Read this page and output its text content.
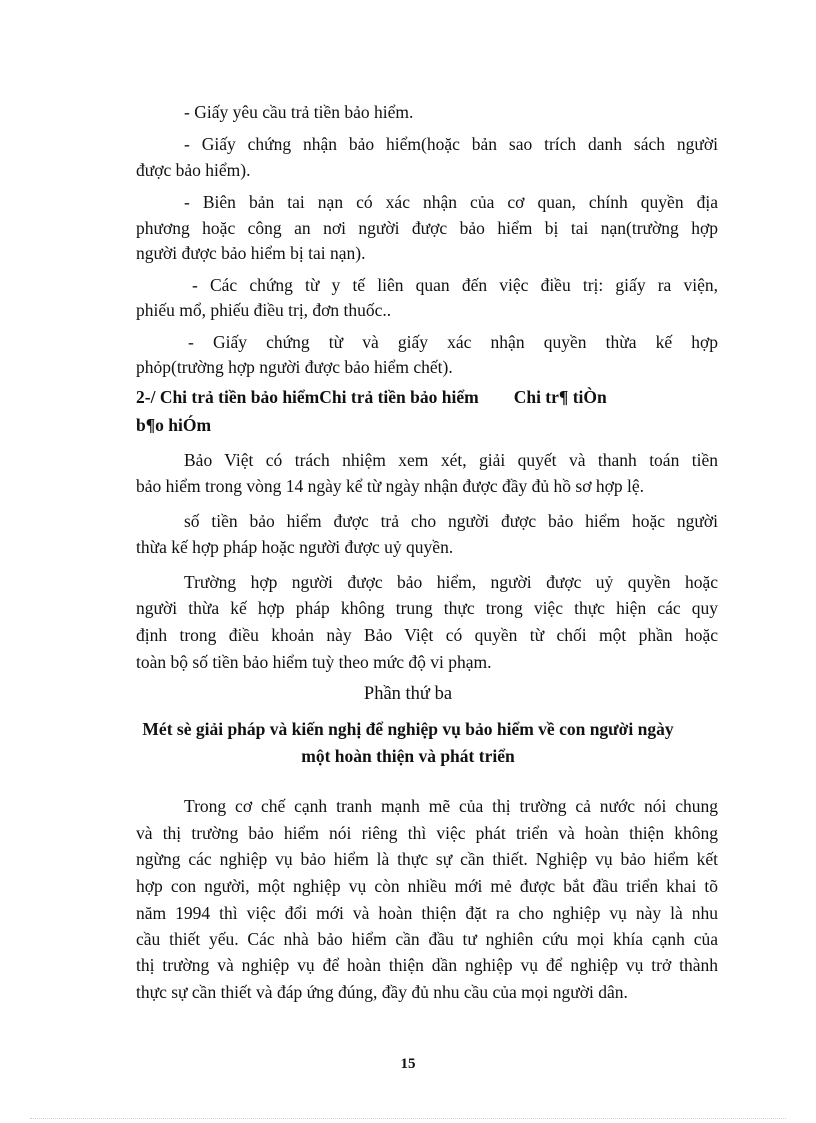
- Giấy yêu cầu trả tiền bảo hiểm.
- Giấy chứng nhận bảo hiểm(hoặc bản sao trích danh sách người
được bảo hiểm).
- Biên bản tai nạn có xác nhận của cơ quan, chính quyền địa
phương hoặc công an nơi người được bảo hiểm bị tai nạn(trường hợp
người được bảo hiểm bị tai nạn).
- Các chứng từ y tế liên quan đến việc điều trị: giấy ra viện,
phiếu mổ, phiếu điều trị, đơn thuốc..
- Giấy chứng từ và giấy xác nhận quyền thừa kế hợp
phỏp(trường hợp người được bảo hiểm chết).
2-/ Chi trả tiền bảo hiểmChi trả tiền bảo hiểm        Chi tr¶ tiÒn
b¶o hiÓm
Bảo Việt có trách nhiệm xem xét, giải quyết và thanh toán tiền
bảo hiểm trong vòng 14 ngày kể từ ngày nhận được đầy đủ hồ sơ hợp lệ.
số tiền bảo hiểm được trả cho người được bảo hiểm hoặc người
thừa kế hợp pháp hoặc người được uỷ quyền.
Trường hợp người được bảo hiểm, người được uỷ quyền hoặc
người thừa kế hợp pháp không trung thực trong việc thực hiện các quy
định trong điều khoản này Bảo Việt có quyền từ chối một phần hoặc
toàn bộ số tiền bảo hiểm tuỳ theo mức độ vi phạm.
Phần thứ ba
Mét sè giải pháp và kiến nghị để nghiệp vụ bảo hiểm về con người ngày
một hoàn thiện và phát triển
Trong cơ chế cạnh tranh mạnh mẽ của thị trường cả nước nói chung
và thị trường bảo hiểm nói riêng thì việc phát triển và hoàn thiện không
ngừng các nghiệp vụ bảo hiểm là thực sự cần thiết. Nghiệp vụ bảo hiểm kết
hợp con người, một nghiệp vụ còn nhiều mới mẻ được bắt đầu triển khai tõ
năm 1994 thì việc đổi mới và hoàn thiện đặt ra cho nghiệp vụ này là nhu
cầu thiết yếu. Các nhà bảo hiểm cần đầu tư nghiên cứu mọi khía cạnh của
thị trường và nghiệp vụ để hoàn thiện dần nghiệp vụ để nghiệp vụ trở thành
thực sự cần thiết và đáp ứng đúng, đầy đủ nhu cầu của mọi người dân.
15
